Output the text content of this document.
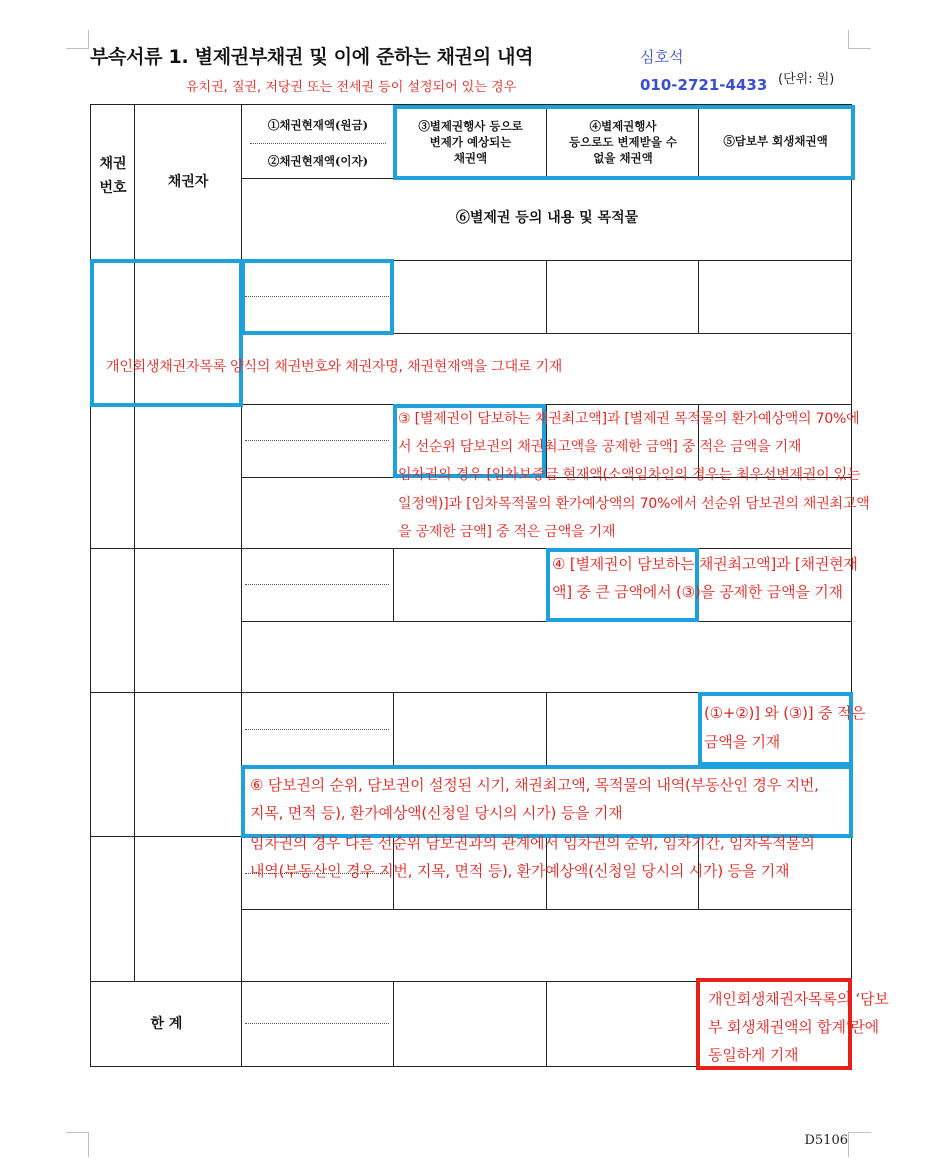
부속서류 1. 별제권부채권 및 이에 준하는 채권의 내역
유치권, 질권, 저당권 또는 전세권 등이 설정되어 있는 경우
심호석
010-2721-4433 (단위: 원)
채권
번호	채권자
①채권현재액(원금)
②채권현재액(이자)
③별제권행사 등으로
변제가 예상되는
채권액
④별제권행사
등으로도 변제받을 수
없을 채권액
⑤담보부 회생채권액
⑥별제권 등의 내용 및 목적물
한 계
개인회생채권자목록 양식의 채권번호와 채권자명, 채권현재액을 그대로 기재
③ [별제권이 담보하는 채권최고액]과 [별제권 목적물의 환가예상액의 70%에
서 선순위 담보권의 채권최고액을 공제한 금액] 중 적은 금액을 기재
임차권의 경우 [임차보증금 현재액(소액임차인의 경우는 최우선변제권이 있는
일정액)]과 [임차목적물의 환가예상액의 70%에서 선순위 담보권의 채권최고액
을 공제한 금액] 중 적은 금액을 기재
④ [별제권이 담보하는 채권최고액]과 [채권현재
액] 중 큰 금액에서 (③)을 공제한 금액을 기재
(①+②)] 와 (③)] 중 적은
금액을 기재
⑥ 담보권의 순위, 담보권이 설정된 시기, 채권최고액, 목적물의 내역(부동산인 경우 지번,
지목, 면적 등), 환가예상액(신청일 당시의 시가) 등을 기재
임차권의 경우 다른 선순위 담보권과의 관계에서 임차권의 순위, 임차기간, 임차목적물의
내역(부동산인 경우 지번, 지목, 면적 등), 환가예상액(신청일 당시의 시가) 등을 기재
개인회생채권자목록의 ‘담보
부 회생채권액의 합계’란에
동일하게 기재
D5106
